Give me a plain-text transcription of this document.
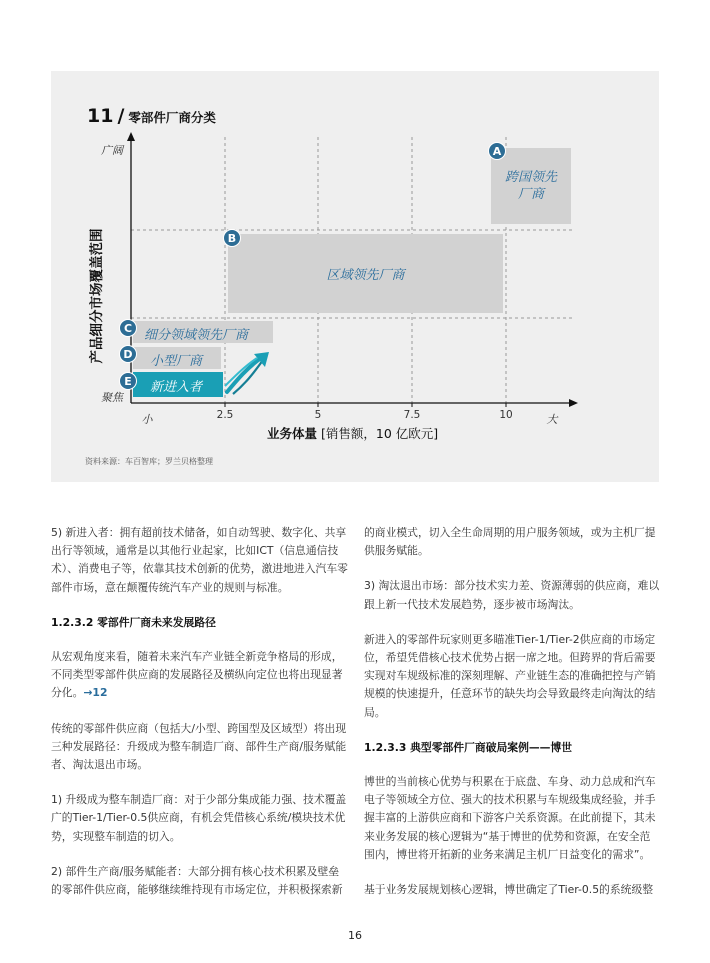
11 / 零部件厂商分类
产品细分市场覆盖范围
广阔
聚焦
小	2.5	5	7.5	10	大
跨国领先
厂商
A
区域领先厂商
B
细分领域领先厂商
C
小型厂商
D
新进入者
E
业务体量 [销售额，10 亿欧元]
资料来源：车百智库；罗兰贝格整理

5) 新进入者：拥有超前技术储备，如自动驾驶、数字化、共享出行等领域，通常是以其他行业起家，比如ICT（信息通信技术）、消费电子等，依靠其技术创新的优势，激进地进入汽车零部件市场，意在颠覆传统汽车产业的规则与标准。

1.2.3.2 零部件厂商未来发展路径

从宏观角度来看，随着未来汽车产业链全新竞争格局的形成，不同类型零部件供应商的发展路径及横纵向定位也将出现显著分化。→12

传统的零部件供应商（包括大/小型、跨国型及区域型）将出现三种发展路径：升级成为整车制造厂商、部件生产商/服务赋能者、淘汰退出市场。

1) 升级成为整车制造厂商：对于少部分集成能力强、技术覆盖广的Tier-1/Tier-0.5供应商，有机会凭借核心系统/模块技术优势，实现整车制造的切入。

2) 部件生产商/服务赋能者：大部分拥有核心技术积累及壁垒的零部件供应商，能够继续维持现有市场定位，并积极探索新

的商业模式，切入全生命周期的用户服务领域，或为主机厂提供服务赋能。

3) 淘汰退出市场：部分技术实力差、资源薄弱的供应商，难以跟上新一代技术发展趋势，逐步被市场淘汰。

新进入的零部件玩家则更多瞄准Tier-1/Tier-2供应商的市场定位，希望凭借核心技术优势占据一席之地。但跨界的背后需要实现对车规级标准的深刻理解、产业链生态的准确把控与产销规模的快速提升，任意环节的缺失均会导致最终走向淘汰的结局。

1.2.3.3 典型零部件厂商破局案例——博世

博世的当前核心优势与积累在于底盘、车身、动力总成和汽车电子等领域全方位、强大的技术积累与车规级集成经验，并手握丰富的上游供应商和下游客户关系资源。在此前提下，其未来业务发展的核心逻辑为“基于博世的优势和资源，在安全范围内，博世将开拓新的业务来满足主机厂日益变化的需求”。

基于业务发展规划核心逻辑，博世确定了Tier-0.5的系统级整

16
